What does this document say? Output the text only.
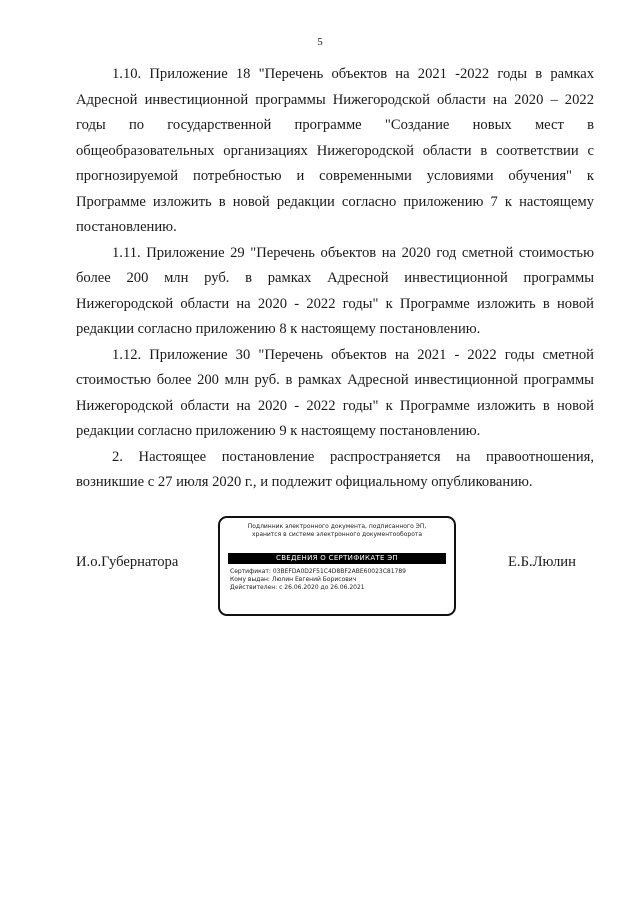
5

1.10. Приложение 18 "Перечень объектов на 2021 -2022 годы в рамках Адресной инвестиционной программы Нижегородской области на 2020 – 2022 годы по государственной программе "Создание новых мест в общеобразовательных организациях Нижегородской области в соответствии с прогнозируемой потребностью и современными условиями обучения" к Программе изложить в новой редакции согласно приложению 7 к настоящему постановлению.

1.11. Приложение 29 "Перечень объектов на 2020 год сметной стоимостью более 200 млн руб. в рамках Адресной инвестиционной программы Нижегородской области на 2020 - 2022 годы" к Программе изложить в новой редакции согласно приложению 8 к настоящему постановлению.

1.12. Приложение 30 "Перечень объектов на 2021 - 2022 годы сметной стоимостью более 200 млн руб. в рамках Адресной инвестиционной программы Нижегородской области на 2020 - 2022 годы" к Программе изложить в новой редакции согласно приложению 9 к настоящему постановлению.

2. Настоящее постановление распространяется на правоотношения, возникшие с 27 июля 2020 г., и подлежит официальному опубликованию.

И.о.Губернатора
Подлинник электронного документа, подписанного ЭП,
хранится в системе электронного документооборота
СВЕДЕНИЯ О СЕРТИФИКАТЕ ЭП
Сертификат: 03BEFDA0D2F51C4D8BF2ABE60023C81789
Кому выдан: Люлин Евгений Борисович
Действителен: с 26.06.2020 до 26.06.2021
Е.Б.Люлин
